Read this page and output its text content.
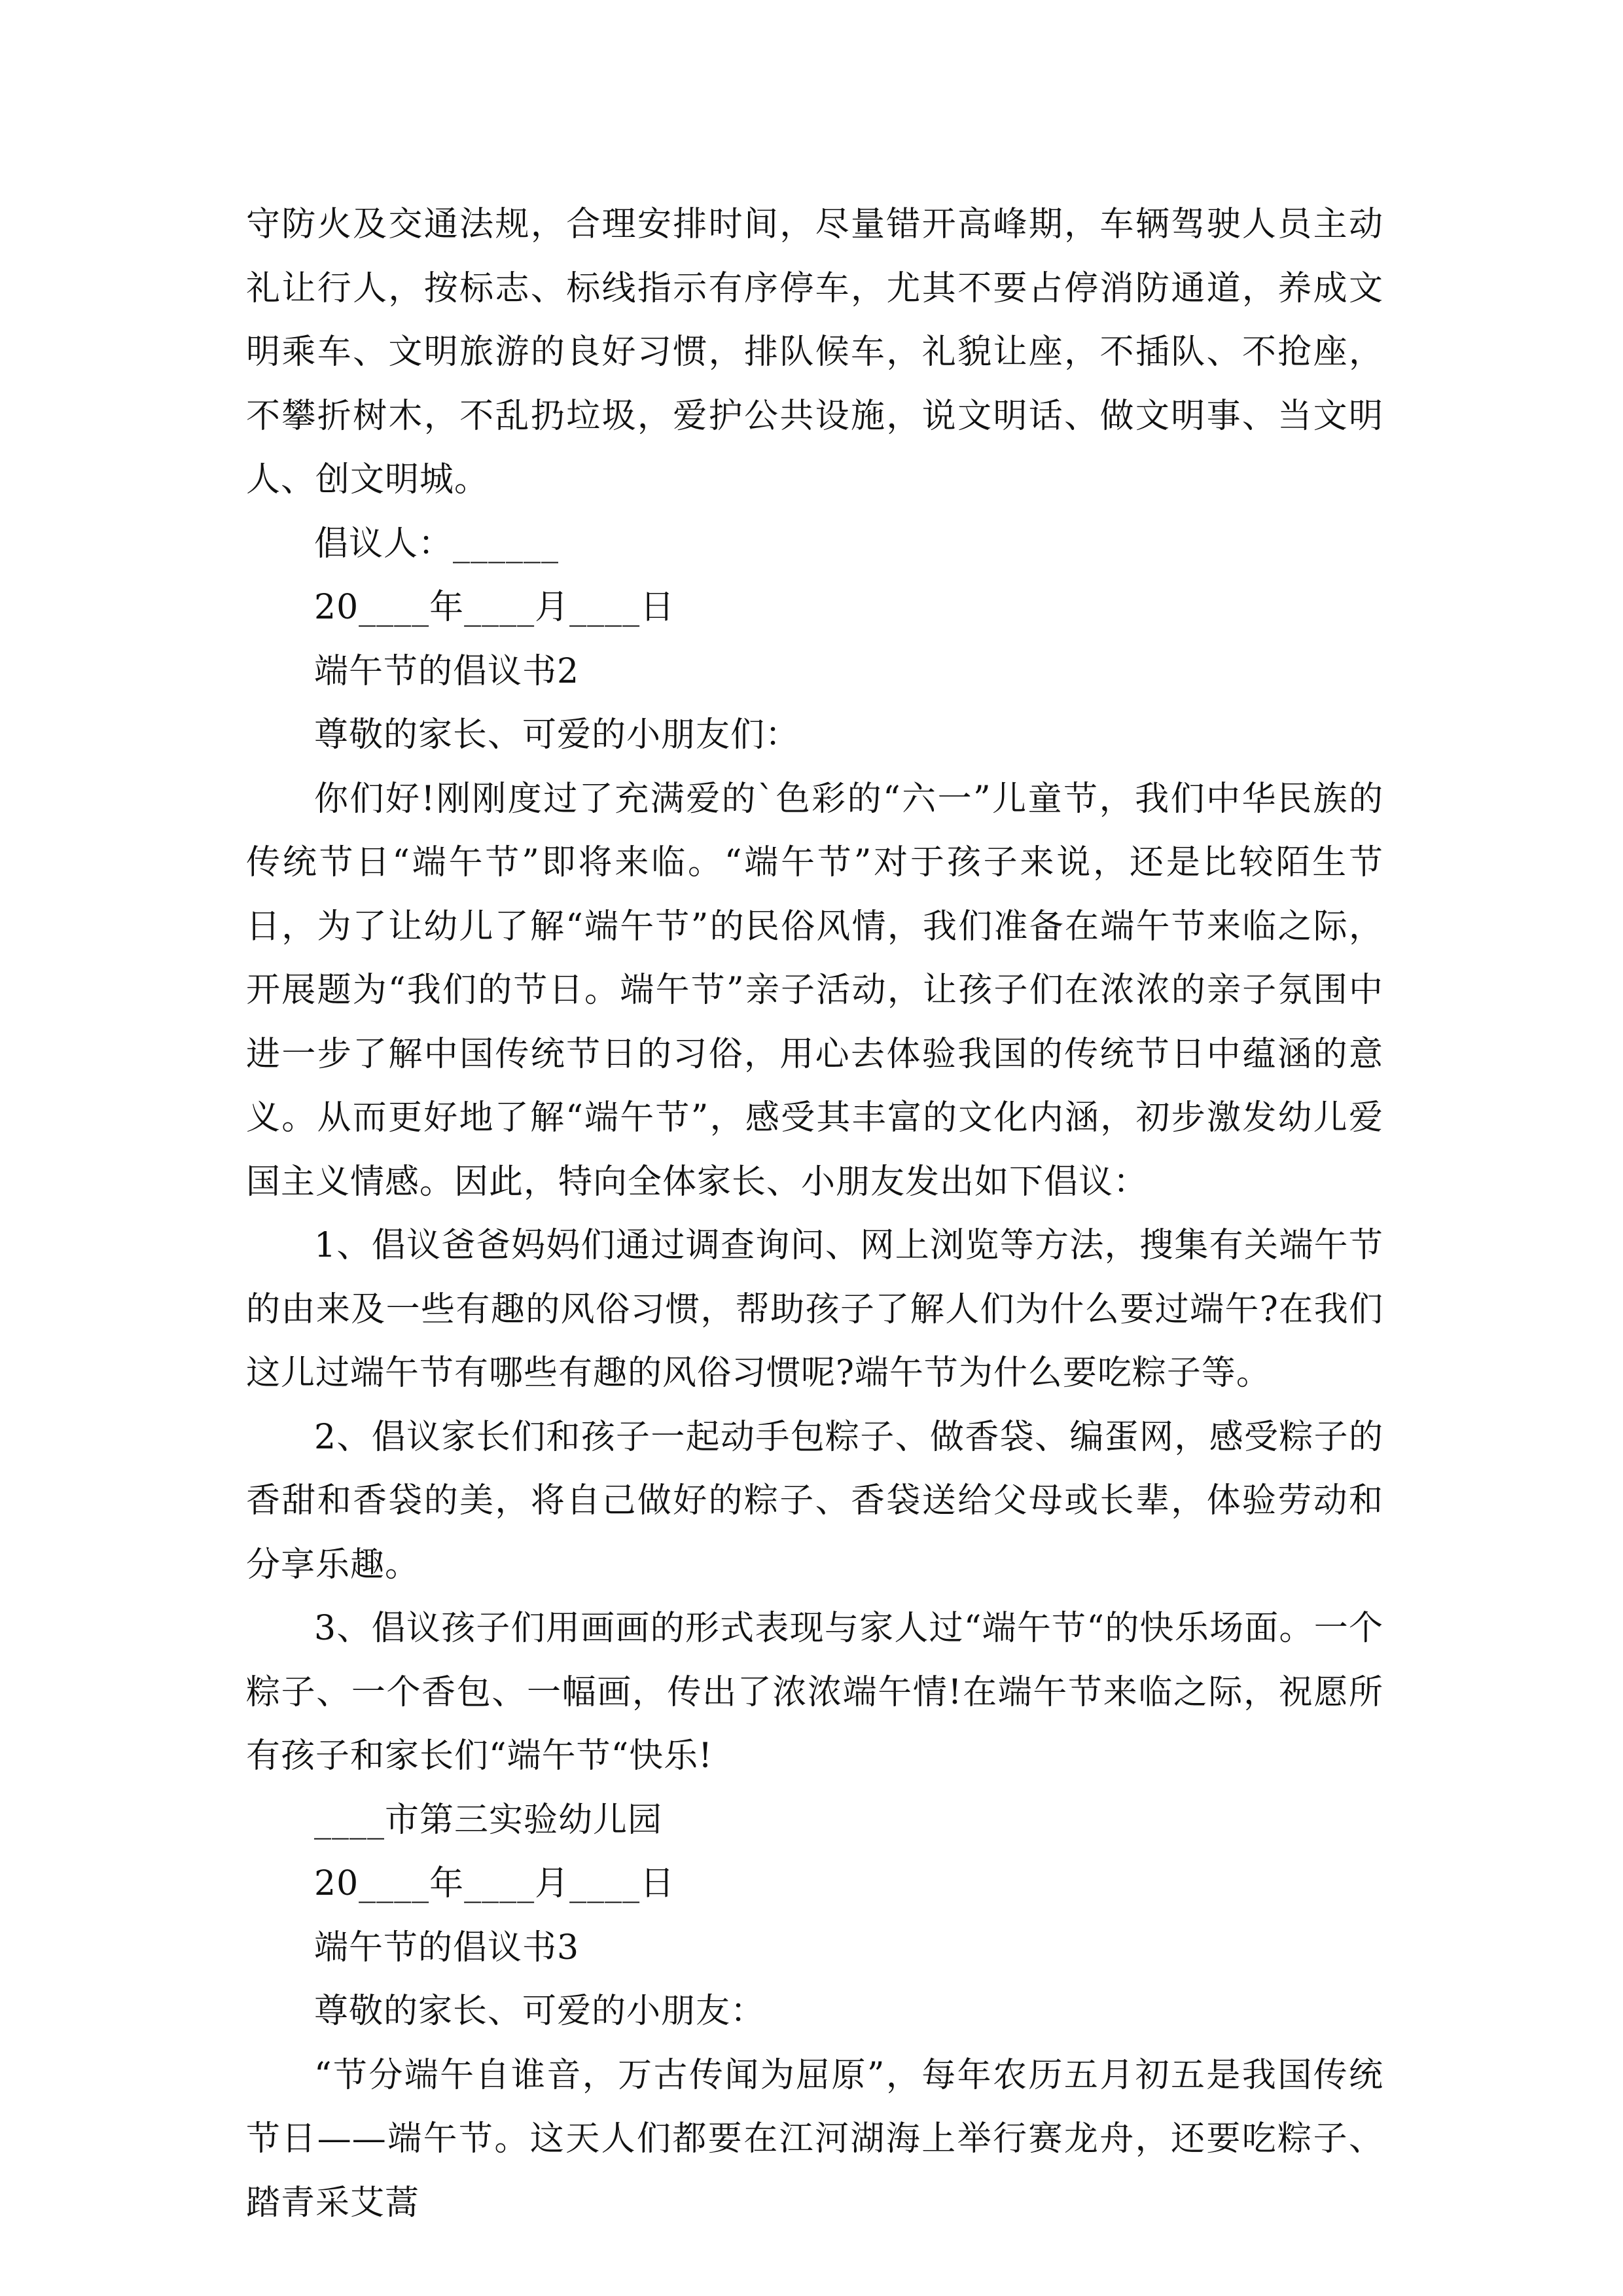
守防火及交通法规，合理安排时间，尽量错开高峰期，车辆驾驶人员主动礼让行人，按标志、标线指示有序停车，尤其不要占停消防通道，养成文明乘车、文明旅游的良好习惯，排队候车，礼貌让座，不插队、不抢座，不攀折树木，不乱扔垃圾，爱护公共设施，说文明话、做文明事、当文明人、创文明城。

倡议人：______

20____年____月____日

端午节的倡议书2

尊敬的家长、可爱的小朋友们：

你们好!刚刚度过了充满爱的`色彩的“六一”儿童节，我们中华民族的传统节日“端午节”即将来临。“端午节”对于孩子来说，还是比较陌生节日，为了让幼儿了解“端午节”的民俗风情，我们准备在端午节来临之际，开展题为“我们的节日。端午节”亲子活动，让孩子们在浓浓的亲子氛围中进一步了解中国传统节日的习俗，用心去体验我国的传统节日中蕴涵的意义。从而更好地了解“端午节”，感受其丰富的文化内涵，初步激发幼儿爱国主义情感。因此，特向全体家长、小朋友发出如下倡议：

1、倡议爸爸妈妈们通过调查询问、网上浏览等方法，搜集有关端午节的由来及一些有趣的风俗习惯，帮助孩子了解人们为什么要过端午?在我们这儿过端午节有哪些有趣的风俗习惯呢?端午节为什么要吃粽子等。

2、倡议家长们和孩子一起动手包粽子、做香袋、编蛋网，感受粽子的香甜和香袋的美，将自己做好的粽子、香袋送给父母或长辈，体验劳动和分享乐趣。

3、倡议孩子们用画画的形式表现与家人过“端午节“的快乐场面。一个粽子、一个香包、一幅画，传出了浓浓端午情!在端午节来临之际，祝愿所有孩子和家长们“端午节“快乐!

____市第三实验幼儿园

20____年____月____日

端午节的倡议书3

尊敬的家长、可爱的小朋友：

“节分端午自谁音，万古传闻为屈原”，每年农历五月初五是我国传统节日——端午节。这天人们都要在江河湖海上举行赛龙舟，还要吃粽子、踏青采艾蒿
